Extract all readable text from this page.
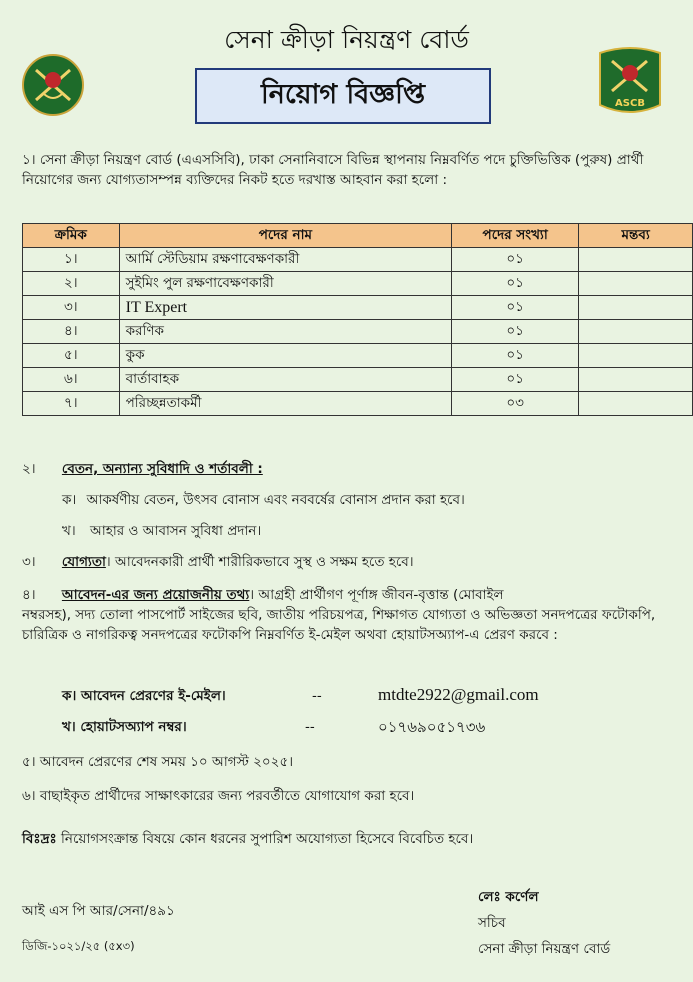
সেনা ক্রীড়া নিয়ন্ত্রণ বোর্ড
নিয়োগ বিজ্ঞপ্তি	ASCB
১। সেনা ক্রীড়া নিয়ন্ত্রণ বোর্ড (এএসসিবি), ঢাকা সেনানিবাসে বিভিন্ন স্থাপনায় নিম্নবর্ণিত পদে চুক্তিভিত্তিক (পুরুষ) প্রার্থী নিয়োগের জন্য যোগ্যতাসম্পন্ন ব্যক্তিদের নিকট হতে দরখাস্ত আহবান করা হলো :
ক্রমিক	পদের নাম	পদের সংখ্যা	মন্তব্য
১।	আর্মি স্টেডিয়াম রক্ষণাবেক্ষণকারী	০১	
২।	সুইমিং পুল রক্ষণাবেক্ষণকারী	০১	
৩।	IT Expert	০১	
৪।	করণিক	০১	
৫।	কুক	০১	
৬।	বার্তাবাহক	০১	
৭।	পরিচ্ছন্নতাকর্মী	০৩	
২। বেতন, অন্যান্য সুবিধাদি ও শর্তাবলী :
ক। আকর্ষণীয় বেতন, উৎসব বোনাস এবং নববর্ষের বোনাস প্রদান করা হবে।
খ। আহার ও আবাসন সুবিধা প্রদান।
৩। যোগ্যতা। আবেদনকারী প্রার্থী শারীরিকভাবে সুস্থ ও সক্ষম হতে হবে।
৪। আবেদন-এর জন্য প্রয়োজনীয় তথ্য। আগ্রহী প্রার্থীগণ পূর্ণাঙ্গ জীবন-বৃত্তান্ত (মোবাইল
নম্বরসহ), সদ্য তোলা পাসপোর্ট সাইজের ছবি, জাতীয় পরিচয়পত্র, শিক্ষাগত যোগ্যতা ও অভিজ্ঞতা সনদপত্রের ফটোকপি, চারিত্রিক ও নাগরিকত্ব সনদপত্রের ফটোকপি নিম্নবর্ণিত ই-মেইল অথবা হোয়াটসঅ্যাপ-এ প্রেরণ করবে :
ক। আবেদন প্রেরণের ই-মেইল।	--	mtdte2922@gmail.com
খ। হোয়াটসঅ্যাপ নম্বর।	--	০১৭৬৯০৫১৭৩৬
৫। আবেদন প্রেরণের শেষ সময় ১০ আগস্ট ২০২৫।
৬। বাছাইকৃত প্রার্থীদের সাক্ষাৎকারের জন্য পরবর্তীতে যোগাযোগ করা হবে।
বিঃদ্রঃ নিয়োগসংক্রান্ত বিষয়ে কোন ধরনের সুপারিশ অযোগ্যতা হিসেবে বিবেচিত হবে।
আই এস পি আর/সেনা/৪৯১
ডিজি-১০২১/২৫ (৫x৩)
লেঃ কর্ণেল
সচিব
সেনা ক্রীড়া নিয়ন্ত্রণ বোর্ড
